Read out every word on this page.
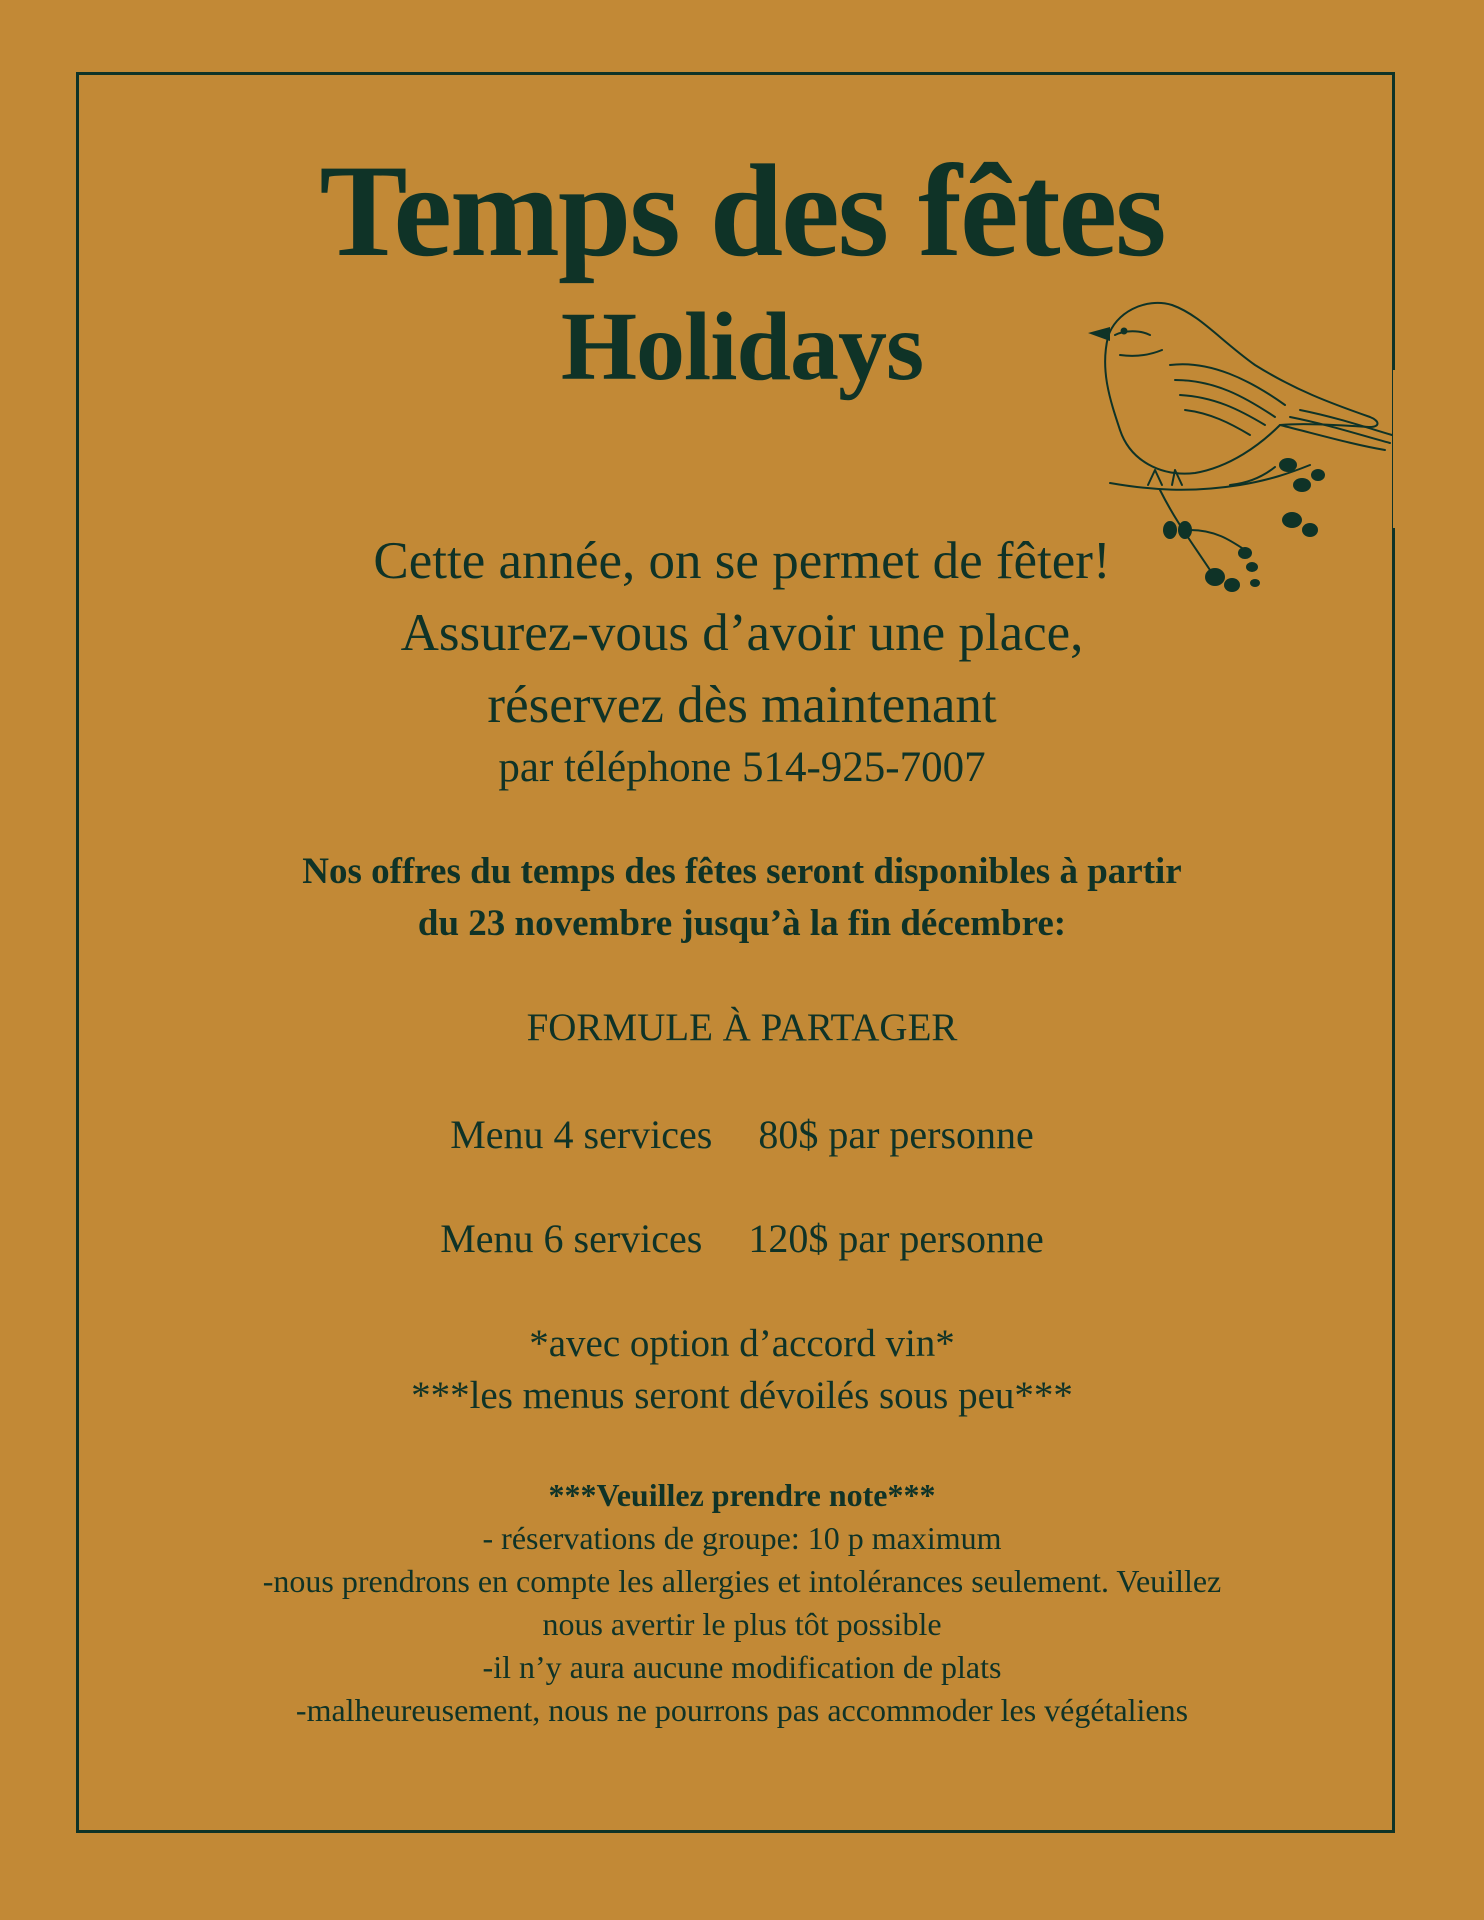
Temps des fêtes
Holidays
Cette année, on se permet de fêter!
Assurez-vous d’avoir une place,
réservez dès maintenant
par téléphone 514-925-7007
Nos offres du temps des fêtes seront disponibles à partir
du 23 novembre jusqu’à la fin décembre:
FORMULE À PARTAGER
Menu 4 services 80$ par personne
Menu 6 services 120$ par personne
*avec option d’accord vin*
***les menus seront dévoilés sous peu***
***Veuillez prendre note***
- réservations de groupe: 10 p maximum
-nous prendrons en compte les allergies et intolérances seulement. Veuillez
nous avertir le plus tôt possible
-il n’y aura aucune modification de plats
-malheureusement, nous ne pourrons pas accommoder les végétaliens
